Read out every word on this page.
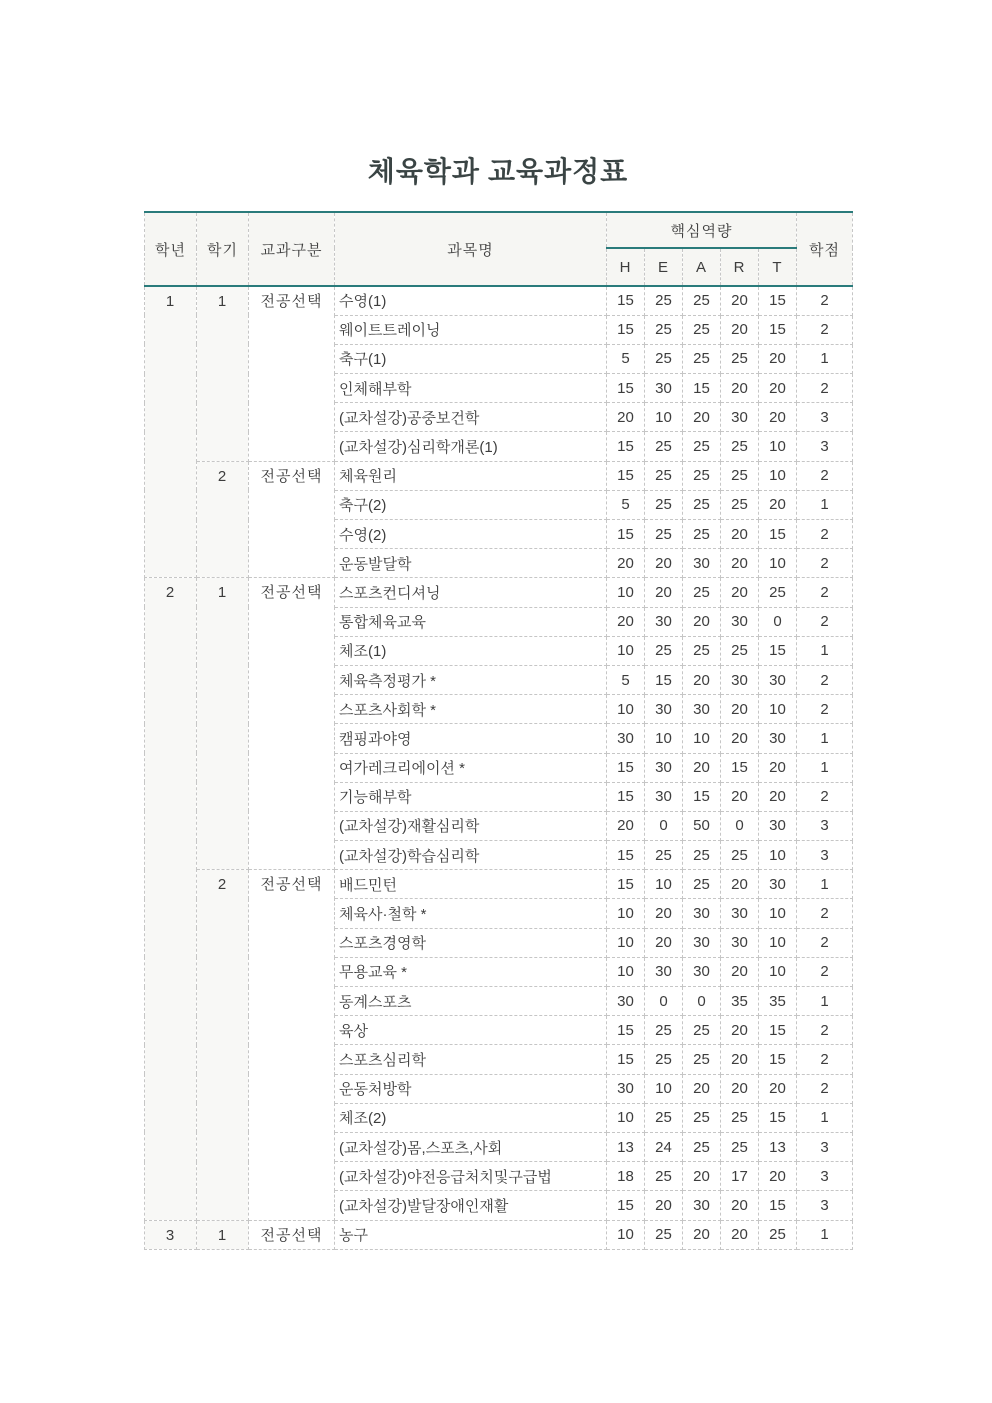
체육학과 교육과정표
학년	학기	교과구분	과목명	핵심역량					학점
				H	E	A	R	T	
1	1	전공선택	수영(1)	15	25	25	20	15	2
			웨이트트레이닝	15	25	25	20	15	2
			축구(1)	5	25	25	25	20	1
			인체해부학	15	30	15	20	20	2
			(교차설강)공중보건학	20	10	20	30	20	3
			(교차설강)심리학개론(1)	15	25	25	25	10	3
	2	전공선택	체육원리	15	25	25	25	10	2
			축구(2)	5	25	25	25	20	1
			수영(2)	15	25	25	20	15	2
			운동발달학	20	20	30	20	10	2
2	1	전공선택	스포츠컨디셔닝	10	20	25	20	25	2
			통합체육교육	20	30	20	30	0	2
			체조(1)	10	25	25	25	15	1
			체육측정평가 *	5	15	20	30	30	2
			스포츠사회학 *	10	30	30	20	10	2
			캠핑과야영	30	10	10	20	30	1
			여가레크리에이션 *	15	30	20	15	20	1
			기능해부학	15	30	15	20	20	2
			(교차설강)재활심리학	20	0	50	0	30	3
			(교차설강)학습심리학	15	25	25	25	10	3
	2	전공선택	배드민턴	15	10	25	20	30	1
			체육사·철학 *	10	20	30	30	10	2
			스포츠경영학	10	20	30	30	10	2
			무용교육 *	10	30	30	20	10	2
			동계스포츠	30	0	0	35	35	1
			육상	15	25	25	20	15	2
			스포츠심리학	15	25	25	20	15	2
			운동처방학	30	10	20	20	20	2
			체조(2)	10	25	25	25	15	1
			(교차설강)몸,스포츠,사회	13	24	25	25	13	3
			(교차설강)야전응급처치및구급법	18	25	20	17	20	3
			(교차설강)발달장애인재활	15	20	30	20	15	3
3	1	전공선택	농구	10	25	20	20	25	1
